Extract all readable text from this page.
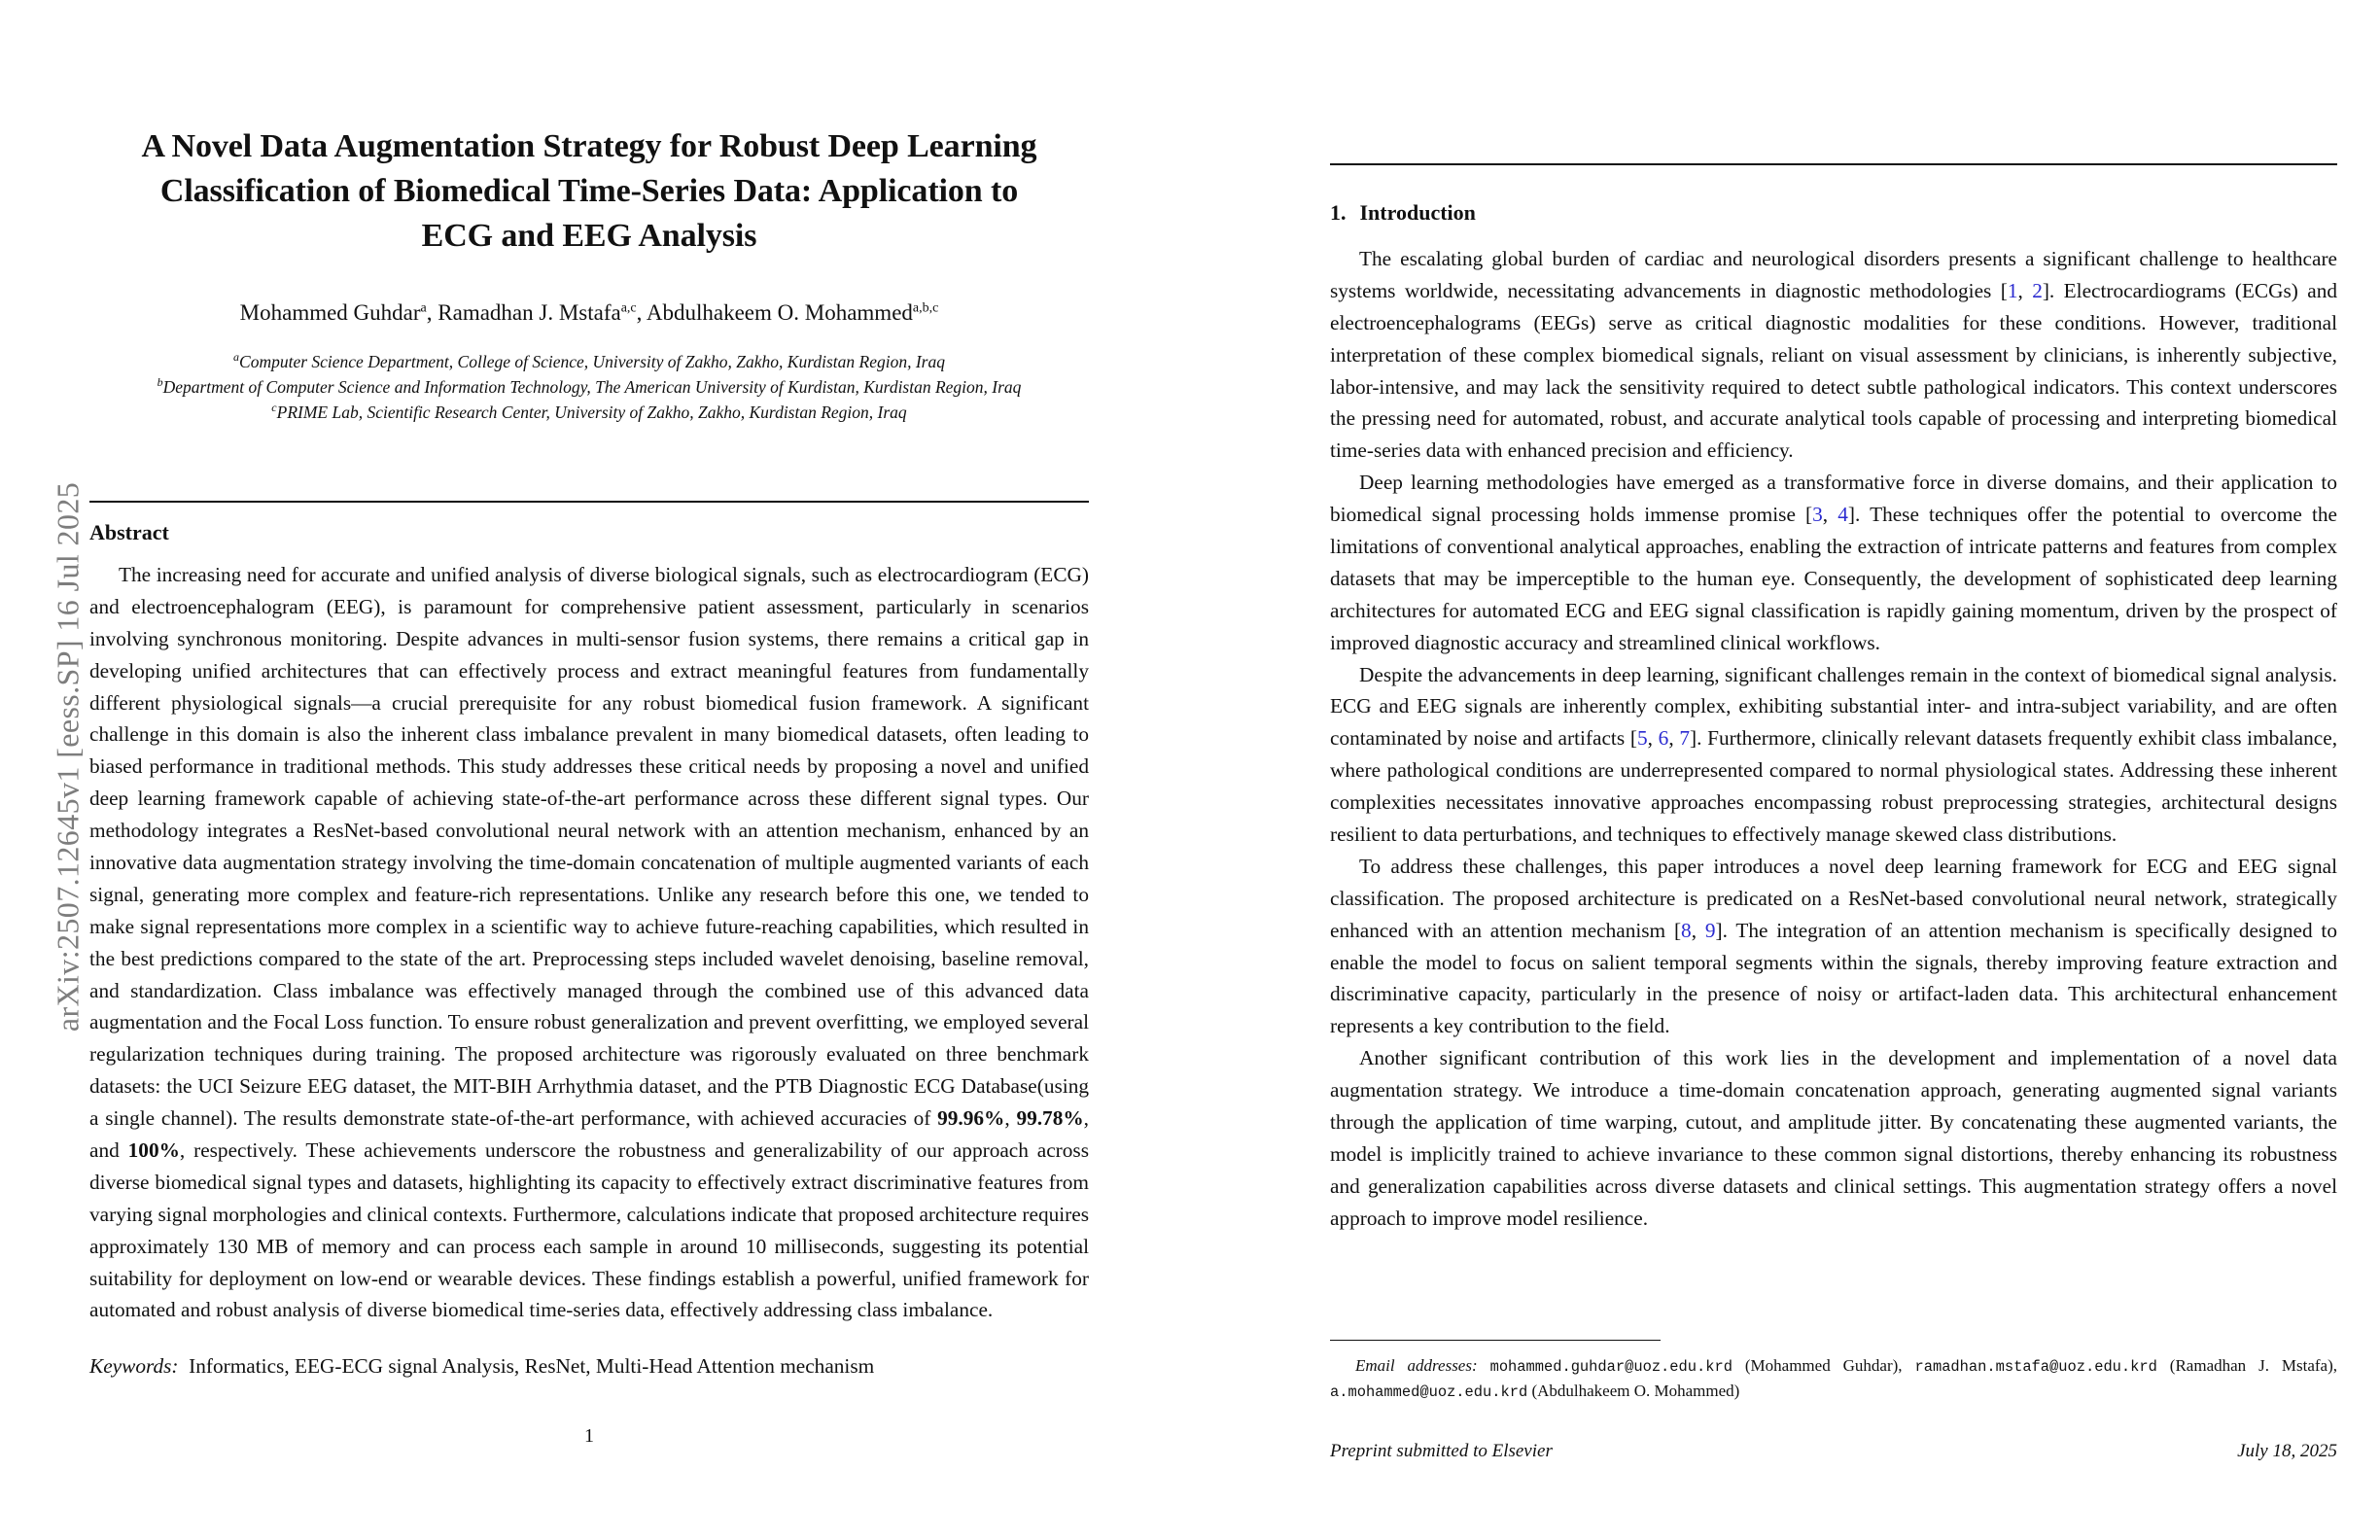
arXiv:2507.12645v1 [eess.SP] 16 Jul 2025
A Novel Data Augmentation Strategy for Robust Deep Learning Classification of Biomedical Time-Series Data: Application to ECG and EEG Analysis
Mohammed Guhdar$^a$, Ramadhan J. Mstafa$^{a,c}$, Abdulhakeem O. Mohammed$^{a,b,c}$
$^a$Computer Science Department, College of Science, University of Zakho, Zakho, Kurdistan Region, Iraq
$^b$Department of Computer Science and Information Technology, The American University of Kurdistan, Kurdistan Region, Iraq
$^c$PRIME Lab, Scientific Research Center, University of Zakho, Zakho, Kurdistan Region, Iraq
Abstract

The increasing need for accurate and unified analysis of diverse biological signals, such as electrocardiogram (ECG) and electroencephalogram (EEG), is paramount for comprehensive patient assessment, particularly in scenarios involving synchronous monitoring. Despite advances in multi-sensor fusion systems, there remains a critical gap in developing unified architectures that can effectively process and extract meaningful features from fundamentally different physiological signals—a crucial prerequisite for any robust biomedical fusion framework. A significant challenge in this domain is also the inherent class imbalance prevalent in many biomedical datasets, often leading to biased performance in traditional methods. This study addresses these critical needs by proposing a novel and unified deep learning framework capable of achieving state-of-the-art performance across these different signal types. Our methodology integrates a ResNet-based convolutional neural network with an attention mechanism, enhanced by an innovative data augmentation strategy involving the time-domain concatenation of multiple augmented variants of each signal, generating more complex and feature-rich representations. Unlike any research before this one, we tended to make signal representations more complex in a scientific way to achieve future-reaching capabilities, which resulted in the best predictions compared to the state of the art. Preprocessing steps included wavelet denoising, baseline removal, and standardization. Class imbalance was effectively managed through the combined use of this advanced data augmentation and the Focal Loss function. To ensure robust generalization and prevent overfitting, we employed several regularization techniques during training. The proposed architecture was rigorously evaluated on three benchmark datasets: the UCI Seizure EEG dataset, the MIT-BIH Arrhythmia dataset, and the PTB Diagnostic ECG Database(using a single channel). The results demonstrate state-of-the-art performance, with achieved accuracies of 99.96%, 99.78%, and 100%, respectively. These achievements underscore the robustness and generalizability of our approach across diverse biomedical signal types and datasets, highlighting its capacity to effectively extract discriminative features from varying signal morphologies and clinical contexts. Furthermore, calculations indicate that proposed architecture requires approximately 130 MB of memory and can process each sample in around 10 milliseconds, suggesting its potential suitability for deployment on low-end or wearable devices. These findings establish a powerful, unified framework for automated and robust analysis of diverse biomedical time-series data, effectively addressing class imbalance.

Keywords: Informatics, EEG-ECG signal Analysis, ResNet, Multi-Head Attention mechanism
1
1. Introduction

The escalating global burden of cardiac and neurological disorders presents a significant challenge to healthcare systems worldwide, necessitating advancements in diagnostic methodologies [1, 2]. Electrocardiograms (ECGs) and electroencephalograms (EEGs) serve as critical diagnostic modalities for these conditions. However, traditional interpretation of these complex biomedical signals, reliant on visual assessment by clinicians, is inherently subjective, labor-intensive, and may lack the sensitivity required to detect subtle pathological indicators. This context underscores the pressing need for automated, robust, and accurate analytical tools capable of processing and interpreting biomedical time-series data with enhanced precision and efficiency.

Deep learning methodologies have emerged as a transformative force in diverse domains, and their application to biomedical signal processing holds immense promise [3, 4]. These techniques offer the potential to overcome the limitations of conventional analytical approaches, enabling the extraction of intricate patterns and features from complex datasets that may be imperceptible to the human eye. Consequently, the development of sophisticated deep learning architectures for automated ECG and EEG signal classification is rapidly gaining momentum, driven by the prospect of improved diagnostic accuracy and streamlined clinical workflows.

Despite the advancements in deep learning, significant challenges remain in the context of biomedical signal analysis. ECG and EEG signals are inherently complex, exhibiting substantial inter- and intra-subject variability, and are often contaminated by noise and artifacts [5, 6, 7]. Furthermore, clinically relevant datasets frequently exhibit class imbalance, where pathological conditions are underrepresented compared to normal physiological states. Addressing these inherent complexities necessitates innovative approaches encompassing robust preprocessing strategies, architectural designs resilient to data perturbations, and techniques to effectively manage skewed class distributions.

To address these challenges, this paper introduces a novel deep learning framework for ECG and EEG signal classification. The proposed architecture is predicated on a ResNet-based convolutional neural network, strategically enhanced with an attention mechanism [8, 9]. The integration of an attention mechanism is specifically designed to enable the model to focus on salient temporal segments within the signals, thereby improving feature extraction and discriminative capacity, particularly in the presence of noisy or artifact-laden data. This architectural enhancement represents a key contribution to the field.

Another significant contribution of this work lies in the development and implementation of a novel data augmentation strategy. We introduce a time-domain concatenation approach, generating augmented signal variants through the application of time warping, cutout, and amplitude jitter. By concatenating these augmented variants, the model is implicitly trained to achieve invariance to these common signal distortions, thereby enhancing its robustness and generalization capabilities across diverse datasets and clinical settings. This augmentation strategy offers a novel approach to improve model resilience.

Email addresses: mohammed.guhdar@uoz.edu.krd (Mohammed Guhdar), ramadhan.mstafa@uoz.edu.krd (Ramadhan J. Mstafa), a.mohammed@uoz.edu.krd (Abdulhakeem O. Mohammed)
Preprint submitted to Elsevier	July 18, 2025
